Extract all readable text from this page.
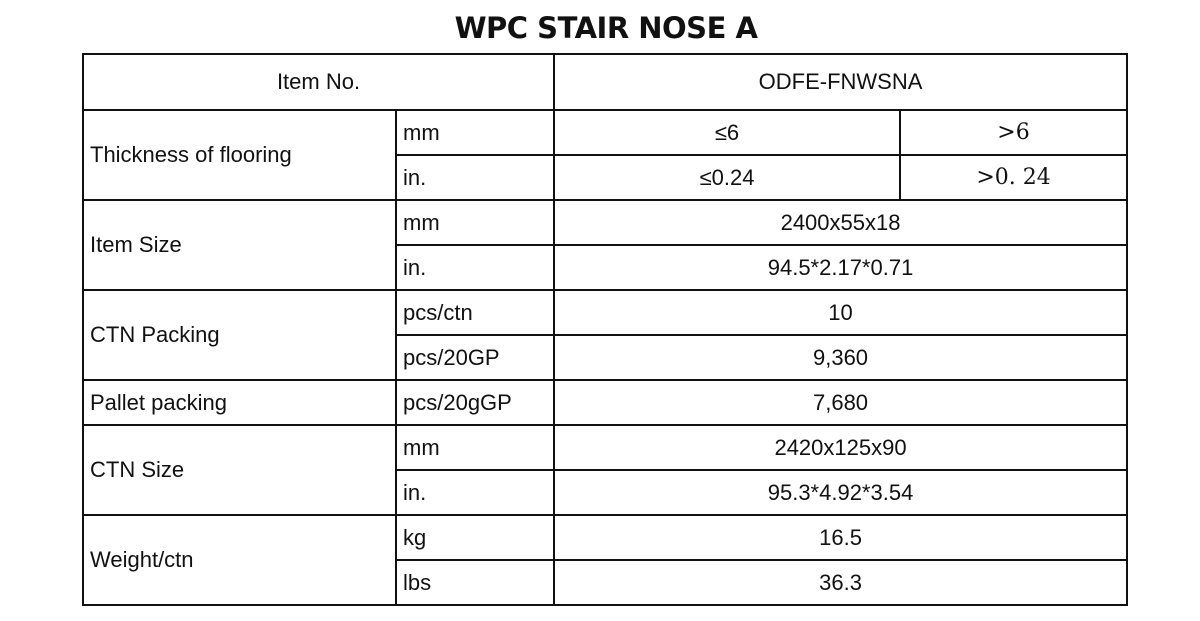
WPC STAIR NOSE A
Item No.		ODFE-FNWSNA	
Thickness of flooring	mm	≤6	>6
	in.	≤0.24	>0. 24
Item Size	mm	2400x55x18	
	in.	94.5*2.17*0.71	
CTN Packing	pcs/ctn	10	
	pcs/20GP	9,360	
Pallet packing	pcs/20gGP	7,680	
CTN Size	mm	2420x125x90	
	in.	95.3*4.92*3.54	
Weight/ctn	kg	16.5	
	lbs	36.3	
